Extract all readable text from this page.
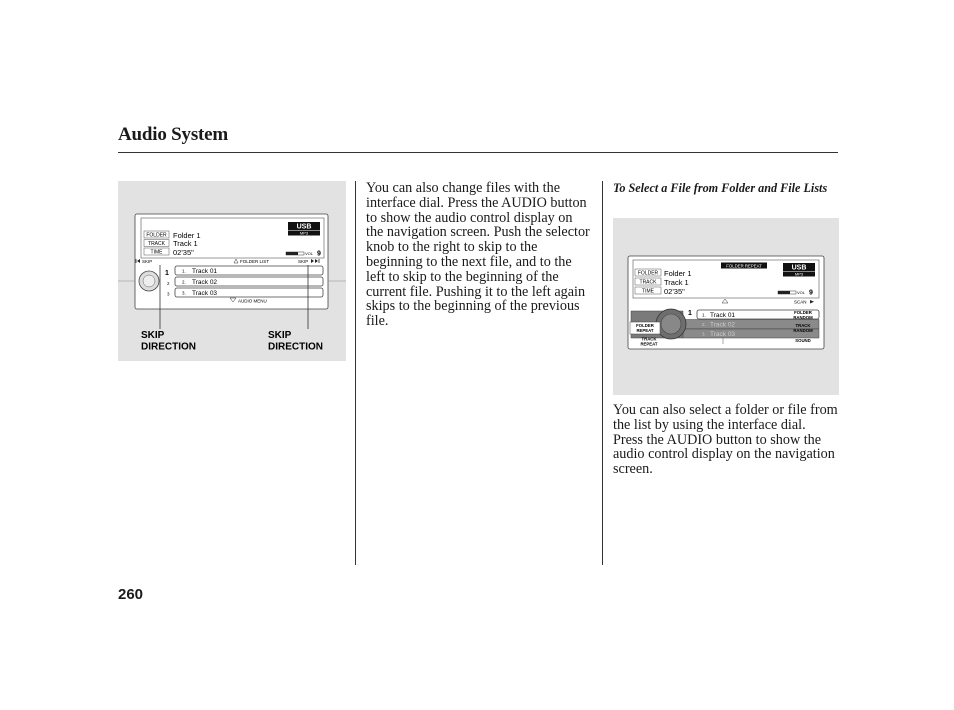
Audio System
FOLDER
TRACK
TIME
Folder 1
Track 1
02'35"
USB
MP3
VOL 9
SKIP	FOLDER LIST	SKIP
1
2
3
1. Track 01
2. Track 02
3. Track 03
AUDIO MENU
SKIP
DIRECTION
SKIP
DIRECTION
You can also change files with the interface dial. Press the AUDIO button to show the audio control display on the navigation screen. Push the selector knob to the right to skip to the beginning to the next file, and to the left to skip to the beginning of the current file. Pushing it to the left again skips to the beginning of the previous file.
To Select a File from Folder and File Lists
FOLDER
TRACK
TIME
Folder 1
Track 1
02'35"
FOLDER REPEAT	USB
MP3
VOL 9
SCAN
1. Track 01
2. Track 02
3. Track 03
1
FOLDER
REPEAT
TRACK
REPEAT
FOLDER
RANDOM
TRACK
RANDOM
SOUND
You can also select a folder or file from the list by using the interface dial. Press the AUDIO button to show the audio control display on the navigation screen.
260
